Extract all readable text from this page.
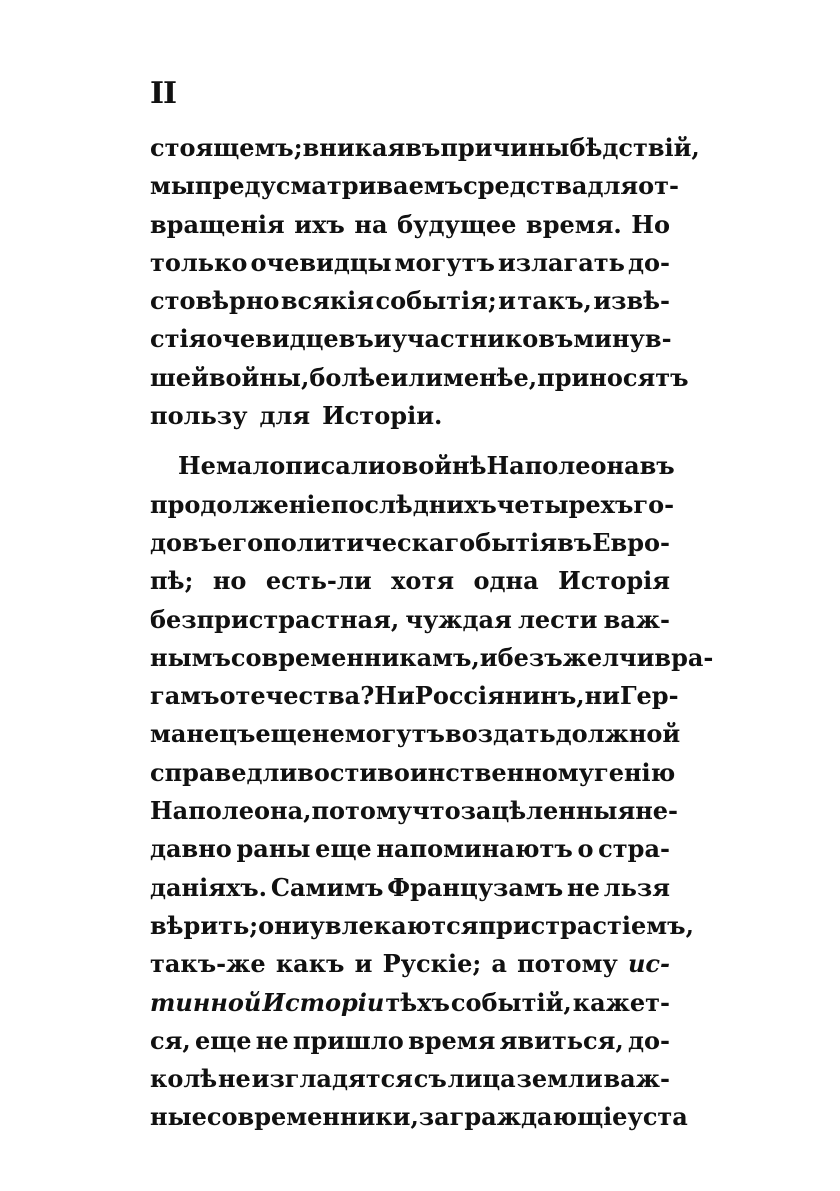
II
стоящемъ; вникая въ причины бѣдствій,
мы предусматриваемъ средства для от-
вращенія ихъ на будущее время. Но
только очевидцы могутъ излагать до-
стовѣрно всякія событія; и такъ, извѣ-
стія очевидцевъ и участниковъ минув-
шей войны, болѣе или менѣе, приносятъ
пользу для Исторіи.
Не мало писали о войнѣ Наполеона въ
продолженіе послѣднихъ четырехъ го-
довъ его политическаго бытія въ Евро-
пѣ; но есть-ли хотя одна Исторія
безпристрастная, чуждая лести важ-
нымъ современникамъ, и безъ желчи вра-
гамъ отечества? Ни Россіянинъ, ни Гер-
манецъ еще не могутъ воздать должной
справедливости воинственному генію
Наполеона, потому что зацѣленныя не-
давно раны еще напоминаютъ о стра-
даніяхъ. Самимъ Французамъ не льзя
вѣрить; они увлекаются пристрастіемъ,
такъ-же какъ и Рускіе; а потому ис-
тинной Исторіи тѣхъ событій, кажет-
ся, еще не пришло время явиться, до-
колѣ не изгладятся съ лица земли важ-
ные современники, заграждающіе уста
